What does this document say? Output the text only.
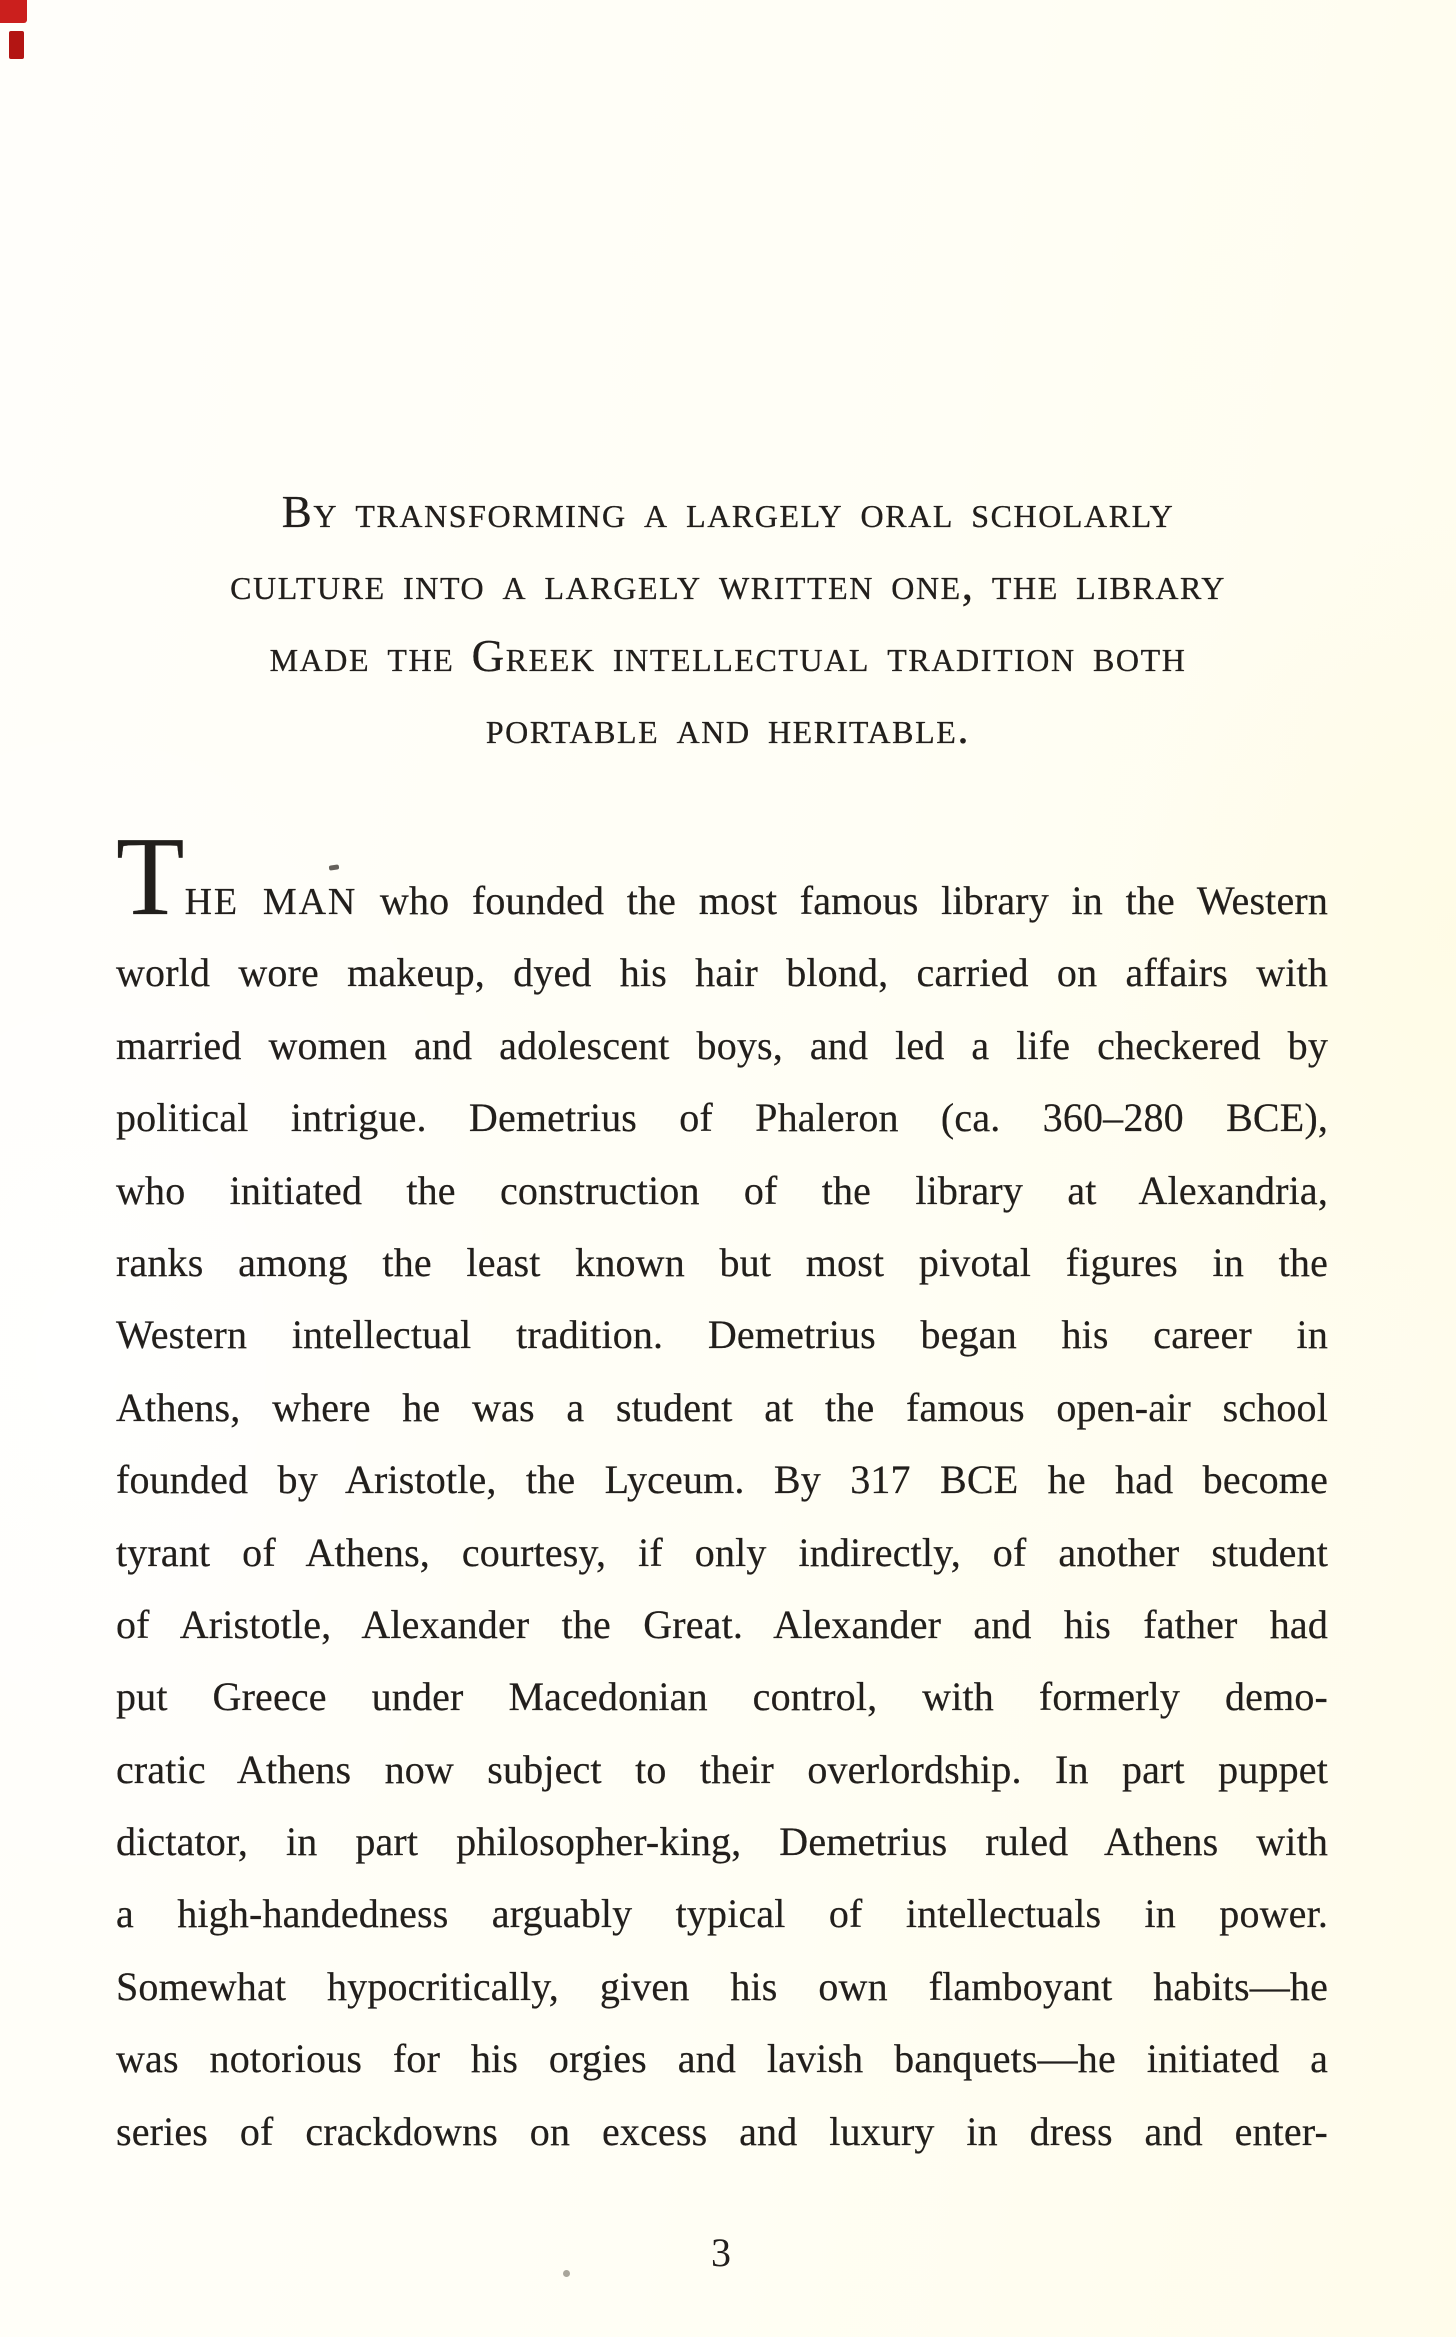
By transforming a largely oral scholarly
culture into a largely written one, the library
made the Greek intellectual tradition both
portable and heritable.
THE MAN who founded the most famous library in the Western
world wore makeup, dyed his hair blond, carried on affairs with
married women and adolescent boys, and led a life checkered by
political intrigue. Demetrius of Phaleron (ca. 360–280 BCE),
who initiated the construction of the library at Alexandria,
ranks among the least known but most pivotal figures in the
Western intellectual tradition. Demetrius began his career in
Athens, where he was a student at the famous open-air school
founded by Aristotle, the Lyceum. By 317 BCE he had become
tyrant of Athens, courtesy, if only indirectly, of another student
of Aristotle, Alexander the Great. Alexander and his father had
put Greece under Macedonian control, with formerly demo-
cratic Athens now subject to their overlordship. In part puppet
dictator, in part philosopher-king, Demetrius ruled Athens with
a high-handedness arguably typical of intellectuals in power.
Somewhat hypocritically, given his own flamboyant habits—he
was notorious for his orgies and lavish banquets—he initiated a
series of crackdowns on excess and luxury in dress and enter-
3
